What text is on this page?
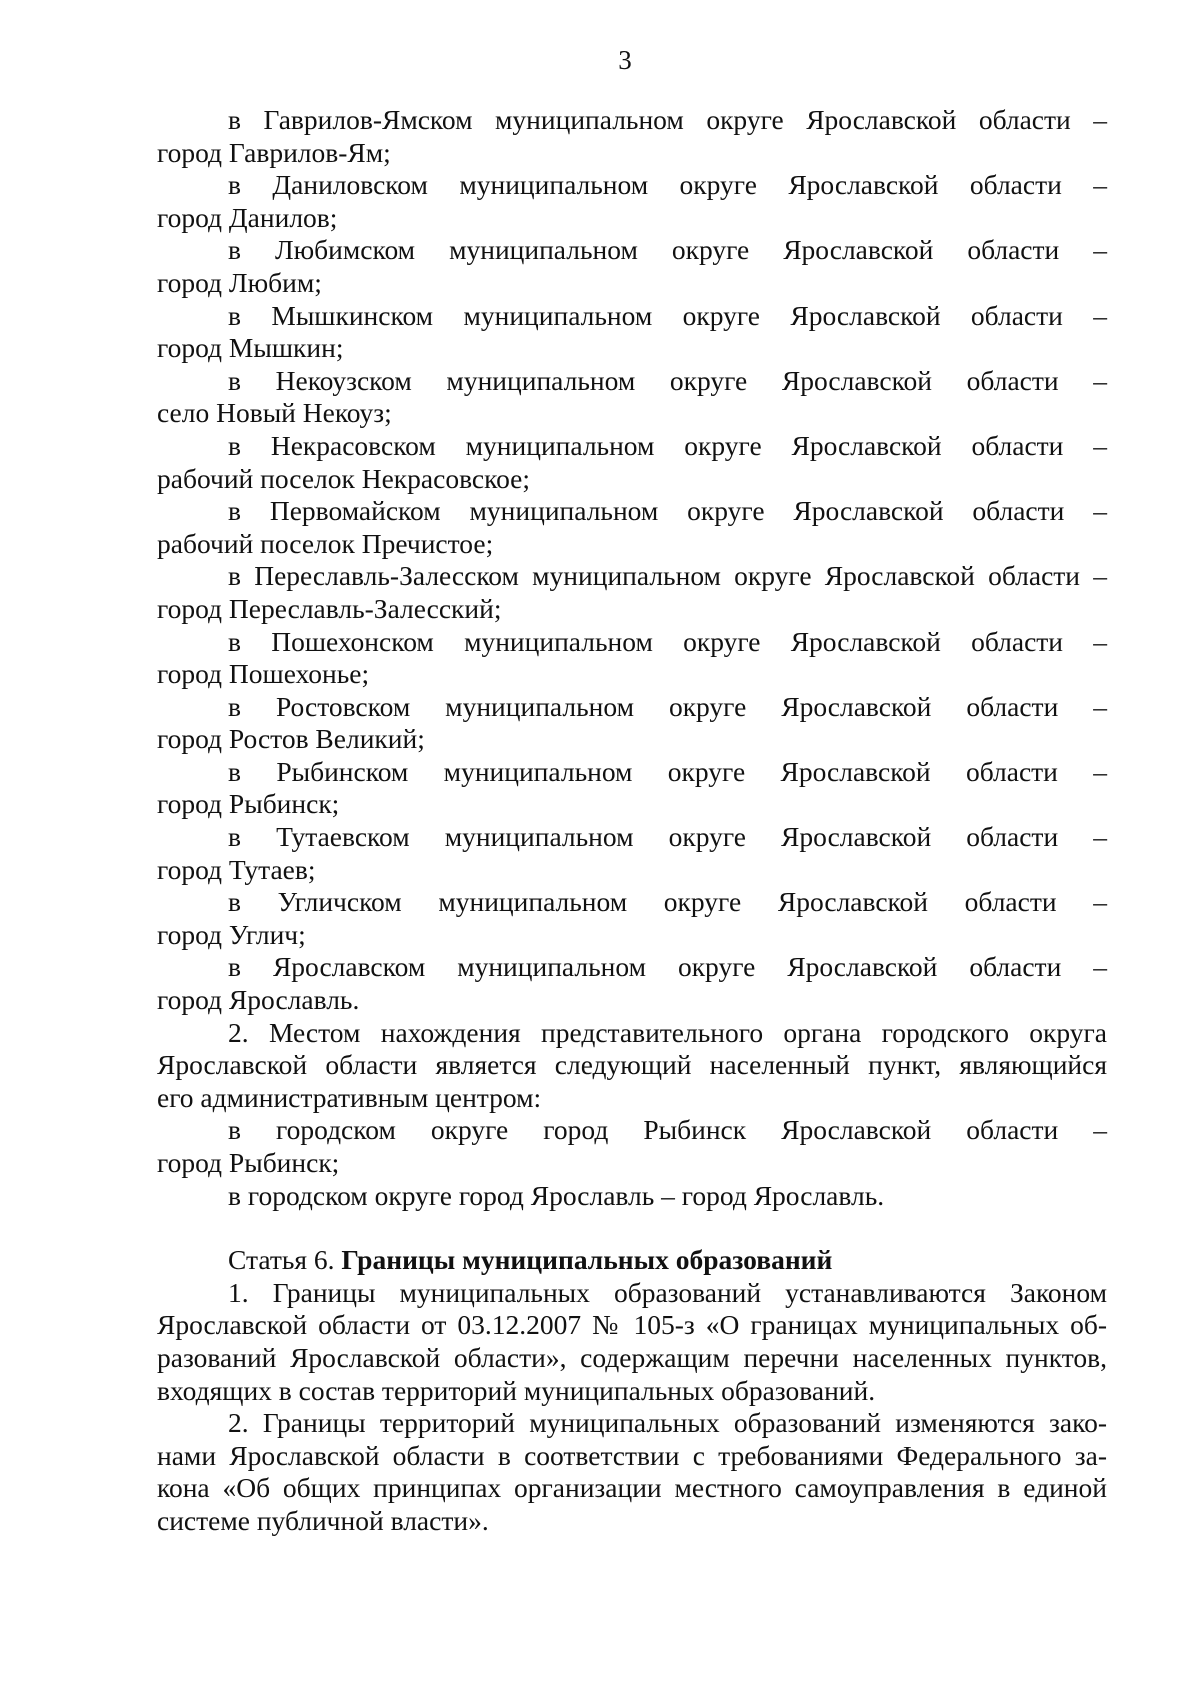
3
в Гаврилов-Ямском муниципальном округе Ярославской области –
город Гаврилов-Ям;
в Даниловском муниципальном округе Ярославской области –
город Данилов;
в Любимском муниципальном округе Ярославской области –
город Любим;
в Мышкинском муниципальном округе Ярославской области –
город Мышкин;
в Некоузском муниципальном округе Ярославской области –
село Новый Некоуз;
в Некрасовском муниципальном округе Ярославской области –
рабочий поселок Некрасовское;
в Первомайском муниципальном округе Ярославской области –
рабочий поселок Пречистое;
в Переславль-Залесском муниципальном округе Ярославской области –
город Переславль-Залесский;
в Пошехонском муниципальном округе Ярославской области –
город Пошехонье;
в Ростовском муниципальном округе Ярославской области –
город Ростов Великий;
в Рыбинском муниципальном округе Ярославской области –
город Рыбинск;
в Тутаевском муниципальном округе Ярославской области –
город Тутаев;
в Угличском муниципальном округе Ярославской области –
город Углич;
в Ярославском муниципальном округе Ярославской области –
город Ярославль.
2. Местом нахождения представительного органа городского округа
Ярославской области является следующий населенный пункт, являющийся
его административным центром:
в городском округе город Рыбинск Ярославской области –
город Рыбинск;
в городском округе город Ярославль – город Ярославль.
Статья 6. Границы муниципальных образований
1. Границы муниципальных образований устанавливаются Законом
Ярославской области от 03.12.2007 № 105-з «О границах муниципальных об-
разований Ярославской области», содержащим перечни населенных пунктов,
входящих в состав территорий муниципальных образований.
2. Границы территорий муниципальных образований изменяются зако-
нами Ярославской области в соответствии с требованиями Федерального за-
кона «Об общих принципах организации местного самоуправления в единой
системе публичной власти».
